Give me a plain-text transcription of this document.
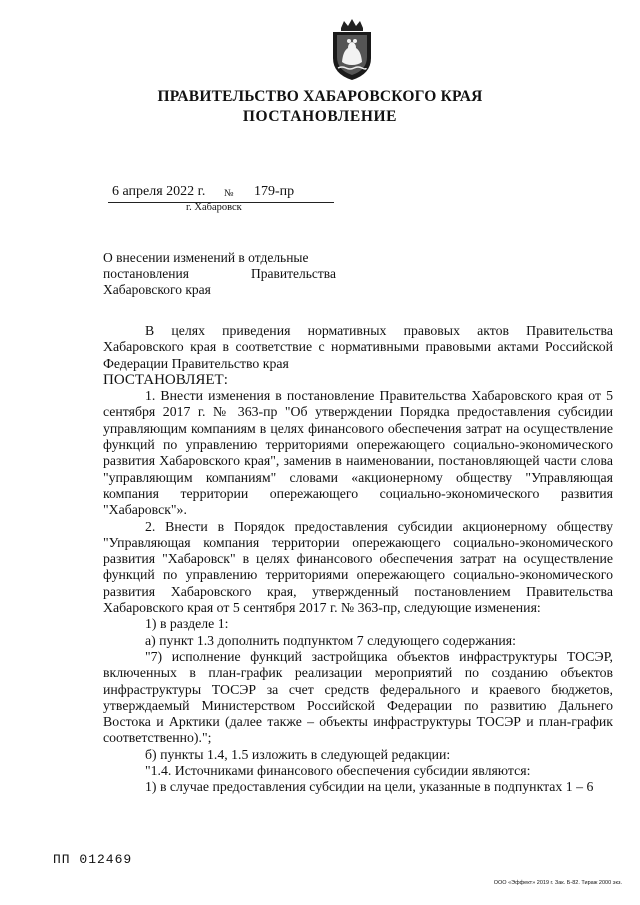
ПРАВИТЕЛЬСТВО ХАБАРОВСКОГО КРАЯ
ПОСТАНОВЛЕНИЕ
6 апреля 2022 г. № 179-пр
г. Хабаровск
О внесении изменений в отдельные
постановления Правительства
Хабаровского края

В целях приведения нормативных правовых актов Правительства Хабаровского края в соответствие с нормативными правовыми актами Российской Федерации Правительство края

ПОСТАНОВЛЯЕТ:

1. Внести изменения в постановление Правительства Хабаровского края от 5 сентября 2017 г. № 363-пр "Об утверждении Порядка предоставления субсидии управляющим компаниям в целях финансового обеспечения затрат на осуществление функций по управлению территориями опережающего социально-экономического развития Хабаровского края", заменив в наименовании, постановляющей части слова "управляющим компаниям" словами «акционерному обществу "Управляющая компания территории опережающего социально-экономического развития "Хабаровск"».

2. Внести в Порядок предоставления субсидии акционерному обществу "Управляющая компания территории опережающего социально-экономического развития "Хабаровск" в целях финансового обеспечения затрат на осуществление функций по управлению территориями опережающего социально-экономического развития Хабаровского края, утвержденный постановлением Правительства Хабаровского края от 5 сентября 2017 г. № 363-пр, следующие изменения:

1) в разделе 1:

а) пункт 1.3 дополнить подпунктом 7 следующего содержания:

"7) исполнение функций застройщика объектов инфраструктуры ТОСЭР, включенных в план-график реализации мероприятий по созданию объектов инфраструктуры ТОСЭР за счет средств федерального и краевого бюджетов, утверждаемый Министерством Российской Федерации по развитию Дальнего Востока и Арктики (далее также – объекты инфраструктуры ТОСЭР и план-график соответственно).";

б) пункты 1.4, 1.5 изложить в следующей редакции:

"1.4. Источниками финансового обеспечения субсидии являются:

1) в случае предоставления субсидии на цели, указанные в подпунктах 1 – 6

ПП 012469
ООО «Эффект» 2019 г. Зак. Б-82. Тираж 2000 экз.
